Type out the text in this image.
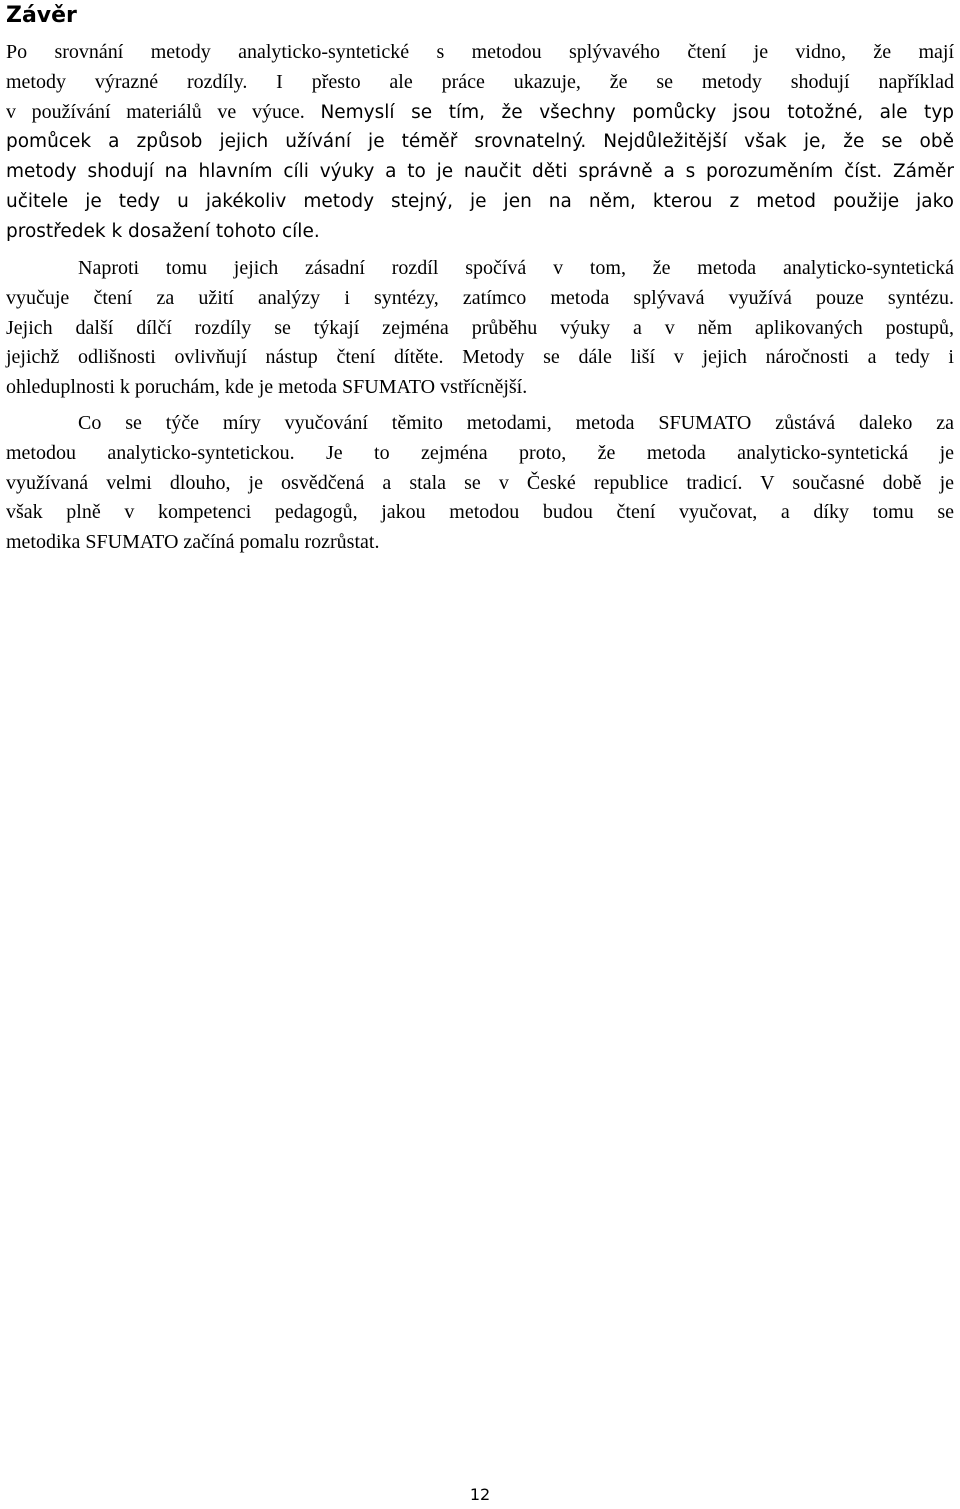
Závěr

Po srovnání metody analyticko-syntetické s metodou splývavého čtení je vidno, že mají
metody výrazné rozdíly. I přesto ale práce ukazuje, že se metody shodují například
v používání materiálů ve výuce. Nemyslí se tím, že všechny pomůcky jsou totožné, ale typ
pomůcek a způsob jejich užívání je téměř srovnatelný. Nejdůležitější však je, že se obě
metody shodují na hlavním cíli výuky a to je naučit děti správně a s porozuměním číst. Záměr
učitele je tedy u jakékoliv metody stejný, je jen na něm, kterou z metod použije jako
prostředek k dosažení tohoto cíle.

Naproti tomu jejich zásadní rozdíl spočívá v tom, že metoda analyticko-syntetická
vyučuje čtení za užití analýzy i syntézy, zatímco metoda splývavá využívá pouze syntézu.
Jejich další dílčí rozdíly se týkají zejména průběhu výuky a v něm aplikovaných postupů,
jejichž odlišnosti ovlivňují nástup čtení dítěte. Metody se dále liší v jejich náročnosti a tedy i
ohleduplnosti k poruchám, kde je metoda SFUMATO vstřícnější.

Co se týče míry vyučování těmito metodami, metoda SFUMATO zůstává daleko za
metodou analyticko-syntetickou. Je to zejména proto, že metoda analyticko-syntetická je
využívaná velmi dlouho, je osvědčená a stala se v České republice tradicí. V současné době je
však plně v kompetenci pedagogů, jakou metodou budou čtení vyučovat, a díky tomu se
metodika SFUMATO začíná pomalu rozrůstat.

12
